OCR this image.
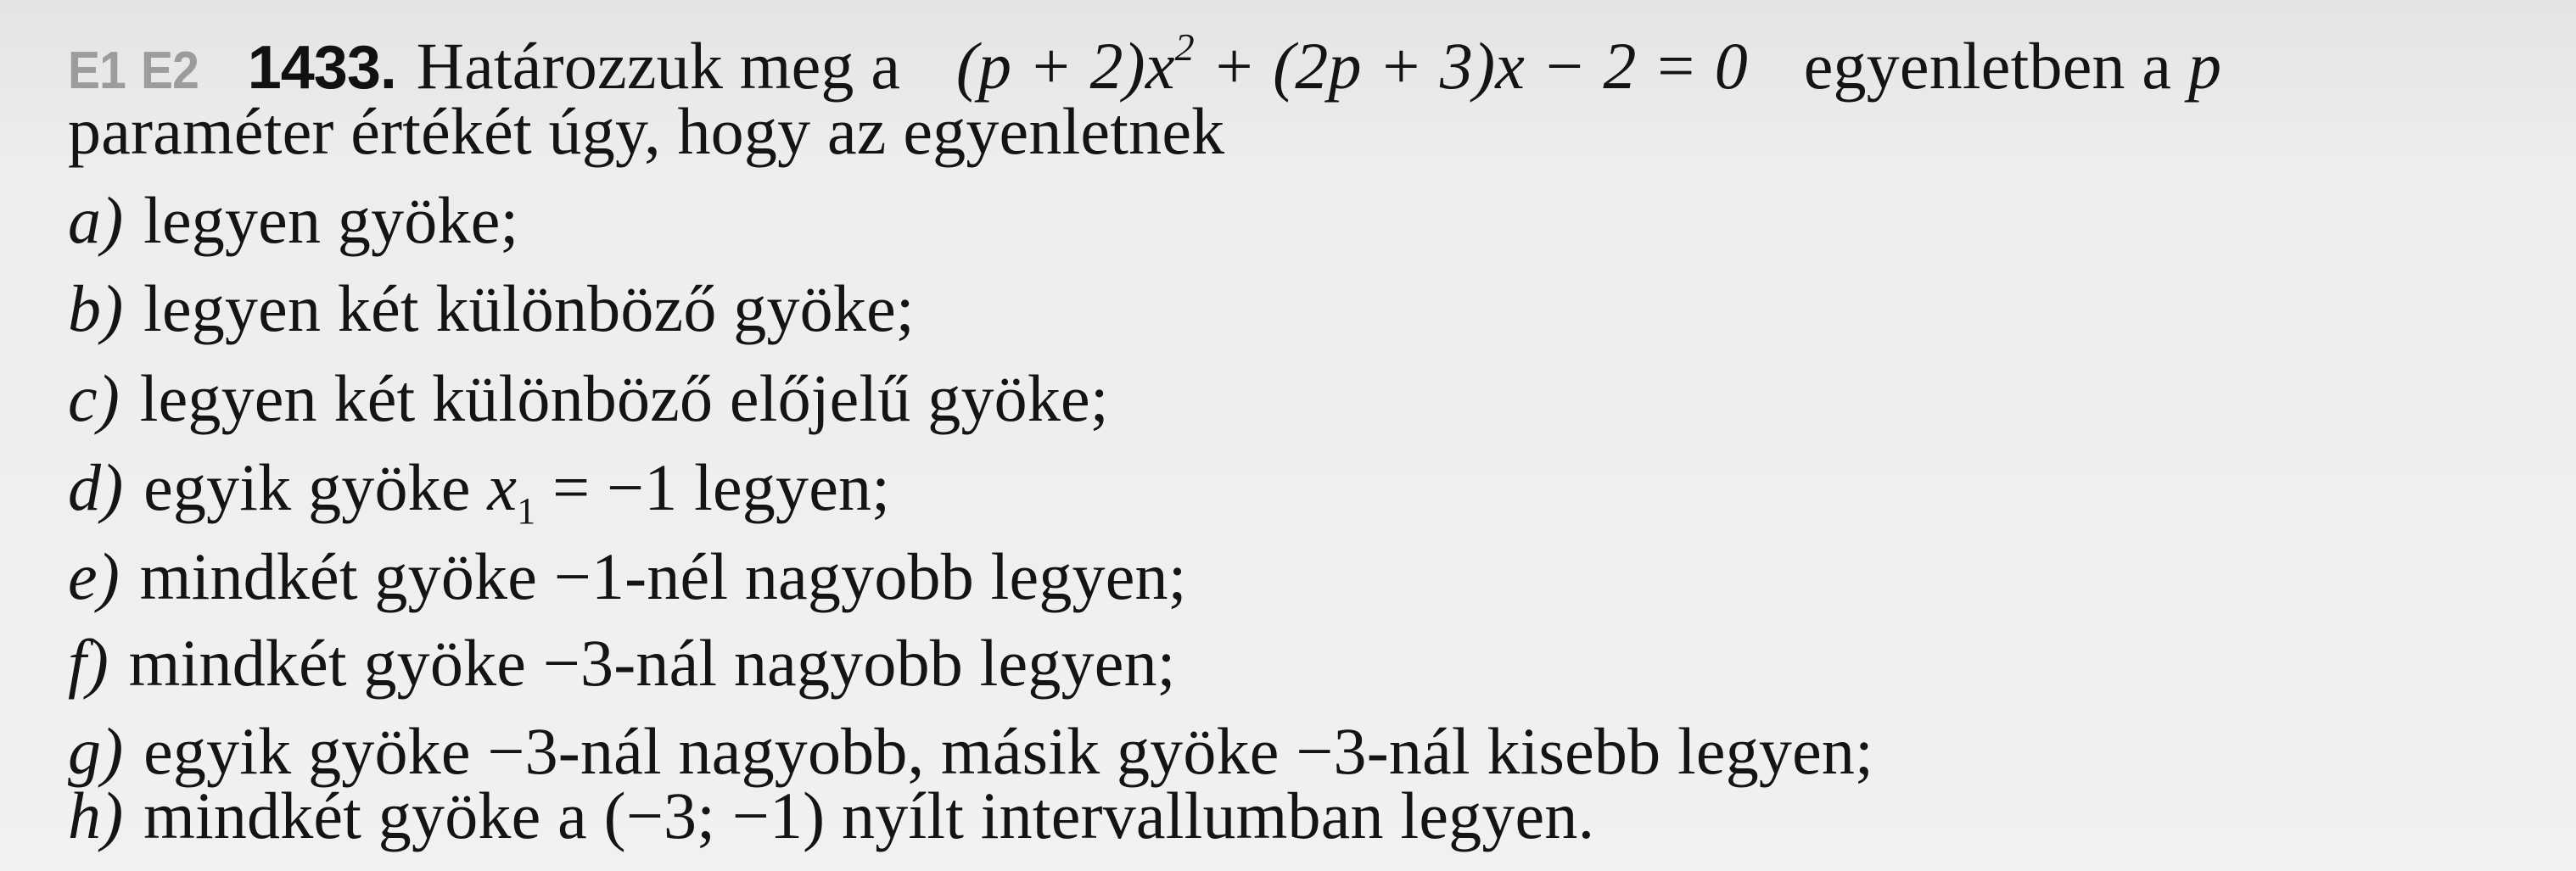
E1 E2 1433. Határozzuk meg a $(p + 2)x^2 + (2p + 3)x - 2 = 0$ egyenletben a p
paraméter értékét úgy, hogy az egyenletnek
a) legyen gyöke;
b) legyen két különböző gyöke;
c) legyen két különböző előjelű gyöke;
d) egyik gyöke $x_1 = -1$ legyen;
e) mindkét gyöke −1-nél nagyobb legyen;
f) mindkét gyöke −3-nál nagyobb legyen;
g) egyik gyöke −3-nál nagyobb, másik gyöke −3-nál kisebb legyen;
h) mindkét gyöke a (−3; −1) nyílt intervallumban legyen.
